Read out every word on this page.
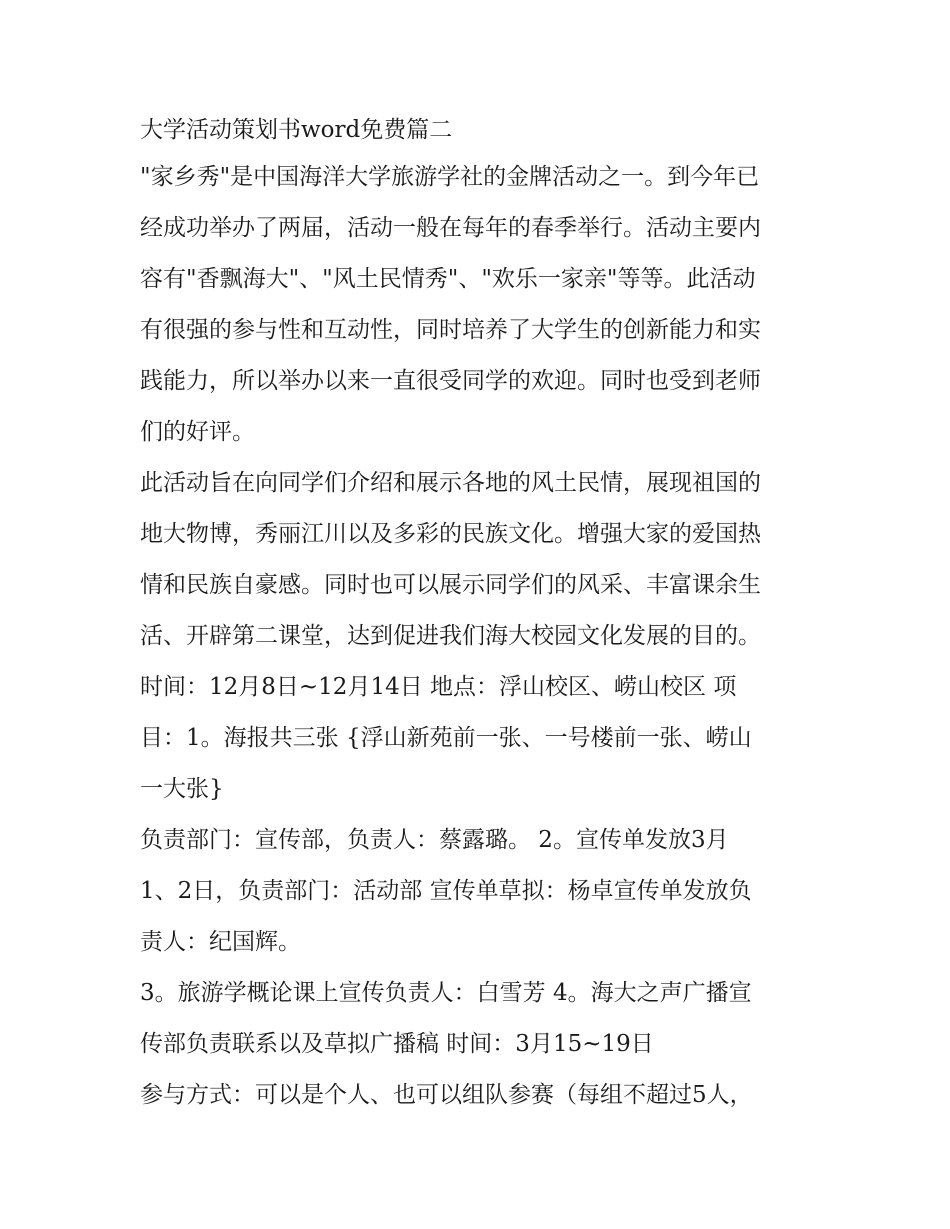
大学活动策划书word免费篇二
"家乡秀"是中国海洋大学旅游学社的金牌活动之一。到今年已
经成功举办了两届，活动一般在每年的春季举行。活动主要内
容有"香飘海大"、"风土民情秀"、"欢乐一家亲"等等。此活动
有很强的参与性和互动性，同时培养了大学生的创新能力和实
践能力，所以举办以来一直很受同学的欢迎。同时也受到老师
们的好评。
此活动旨在向同学们介绍和展示各地的风土民情，展现祖国的
地大物博，秀丽江川以及多彩的民族文化。增强大家的爱国热
情和民族自豪感。同时也可以展示同学们的风采、丰富课余生
活、开辟第二课堂，达到促进我们海大校园文化发展的目的。
时间：12月8日~12月14日 地点：浮山校区、崂山校区 项
目：1。海报共三张 {浮山新苑前一张、一号楼前一张、崂山
一大张}
负责部门：宣传部，负责人：蔡露璐。 2。宣传单发放3月
1、2日，负责部门：活动部 宣传单草拟：杨卓宣传单发放负
责人：纪国辉。
3。旅游学概论课上宣传负责人：白雪芳 4。海大之声广播宣
传部负责联系以及草拟广播稿 时间：3月15~19日
参与方式：可以是个人、也可以组队参赛（每组不超过5人，
